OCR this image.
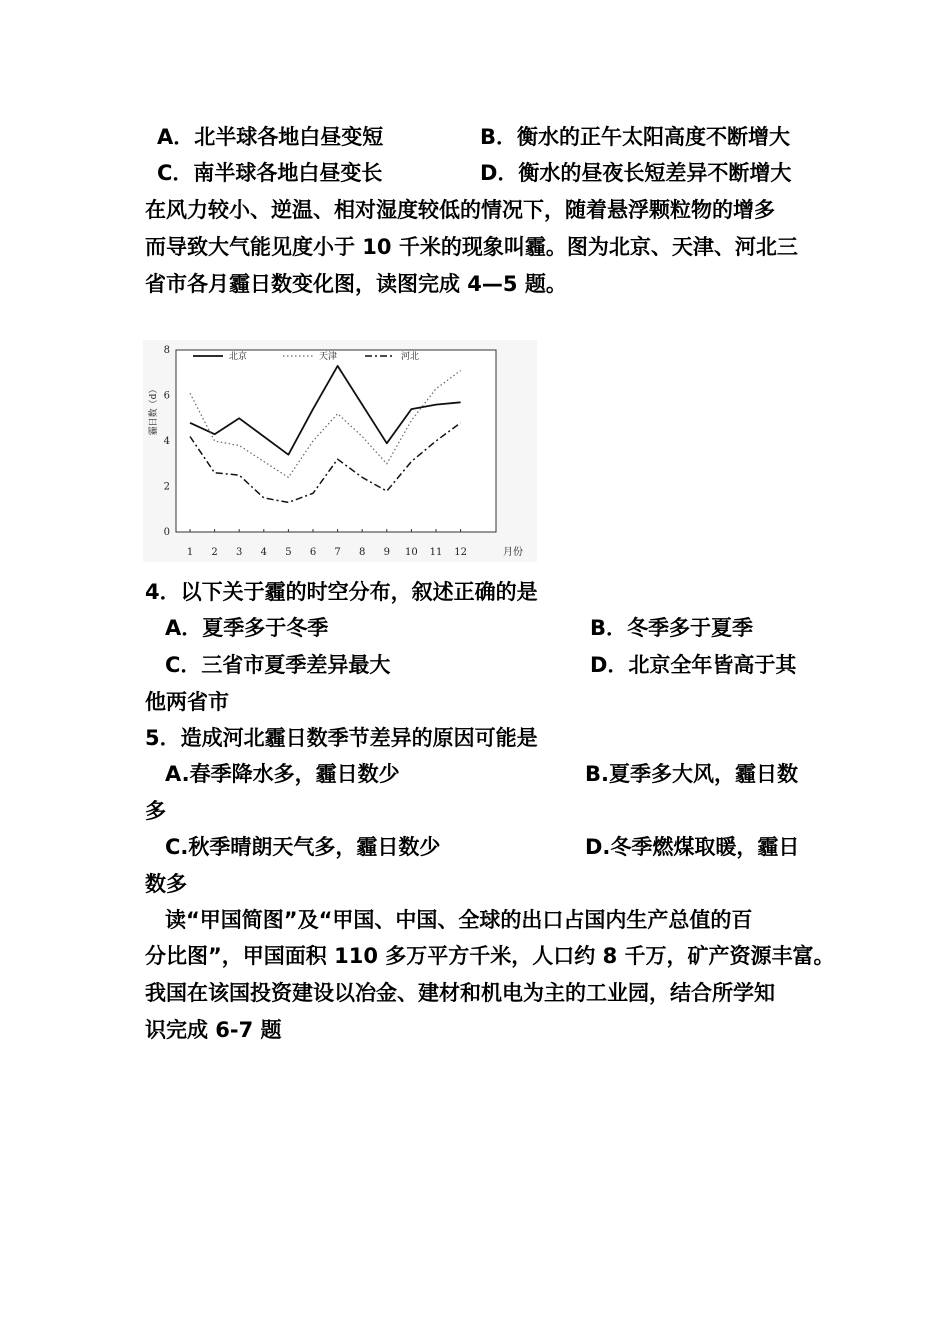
A．北半球各地白昼变短	B．衡水的正午太阳高度不断增大
C．南半球各地白昼变长	D．衡水的昼夜长短差异不断增大
在风力较小、逆温、相对湿度较低的情况下，随着悬浮颗粒物的增多
而导致大气能见度小于 10 千米的现象叫霾。图为北京、天津、河北三
省市各月霾日数变化图，读图完成 4—5 题。
0
2
4
6
8
1 2 3 4 5 6 7 8 9 10 11 12
霾日数（d）
月份
北京	天津	河北
4．以下关于霾的时空分布，叙述正确的是
A．夏季多于冬季	B．冬季多于夏季
C．三省市夏季差异最大	D．北京全年皆高于其
他两省市
5．造成河北霾日数季节差异的原因可能是
A.春季降水多，霾日数少	B.夏季多大风，霾日数
多
C.秋季晴朗天气多，霾日数少	D.冬季燃煤取暖，霾日
数多
读“甲国简图”及“甲国、中国、全球的出口占国内生产总值的百
分比图”，甲国面积 110 多万平方千米，人口约 8 千万，矿产资源丰富。
我国在该国投资建设以冶金、建材和机电为主的工业园，结合所学知
识完成 6-7 题
